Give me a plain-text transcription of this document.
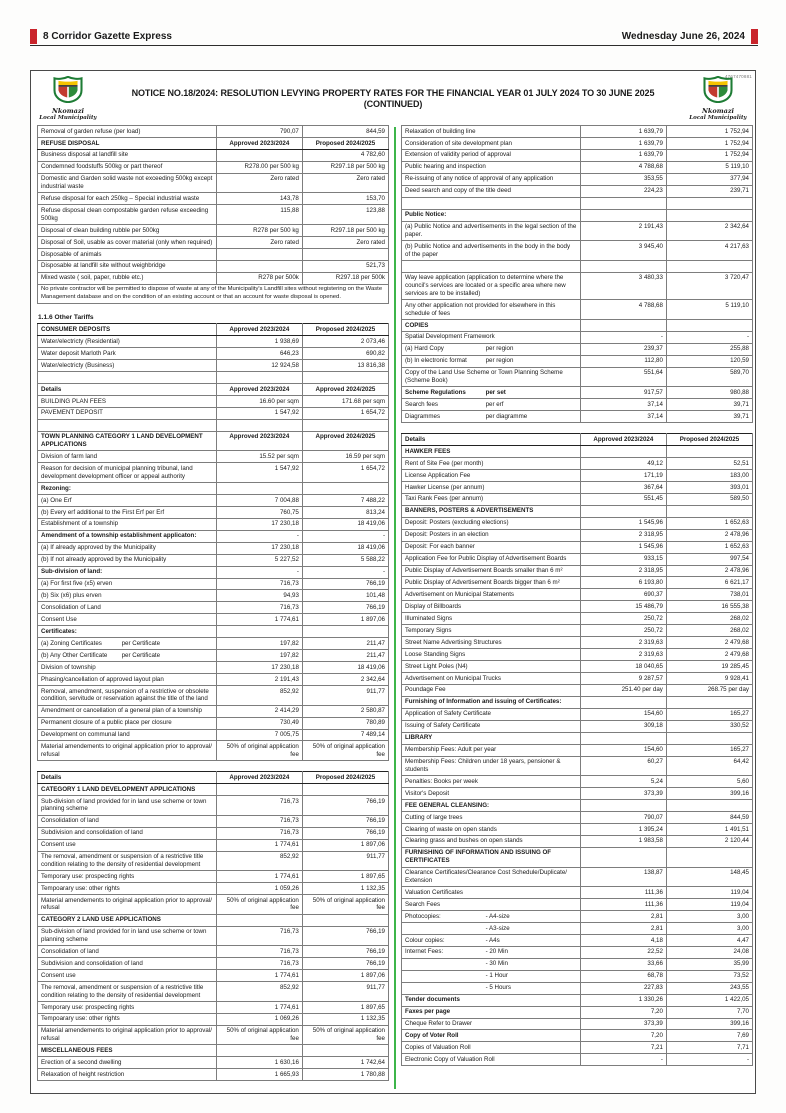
8 Corridor Gazette Express	Wednesday June 26, 2024
Nkomazi
Local Municipality
NOTICE NO.18/2024: RESOLUTION LEVYING PROPERTY RATES FOR THE FINANCIAL YEAR 01 JULY 2024 TO 30 JUNE 2025 (CONTINUED)
4767470881
Nkomazi
Local Municipality
Removal of garden refuse (per load)	790,07	844,59
REFUSE DISPOSAL	Approved 2023/2024	Proposed 2024/2025
Business disposal at landfill site		4 782,60
Condemned foodstuffs 500kg or part thereof	R278.00 per 500 kg	R297.18 per 500 kg
Domestic and Garden solid waste not exceeding 500kg except industrial waste	Zero rated	Zero rated
Refuse disposal for each 250kg – Special industrial waste	143,78	153,70
Refuse disposal clean compostable garden refuse exceeding 500kg	115,88	123,88
Disposal of clean building rubble per 500kg	R278 per 500 kg	R297.18 per 500 kg
Disposal of Soil, usable as cover material (only when required)	Zero rated	Zero rated
Disposable of animals		
Disposable at landfill site without weighbridge		521,73
Mixed waste ( soil, paper, rubble etc.)	R278 per 500k	R297.18 per 500k
No private contractor will be permitted to dispose of waste at any of the Municipality's Landfill sites without registering on the Waste Management database and on the condition of an existing account or that an account for waste disposal is opened.		
1.1.6 Other Tariffs
CONSUMER DEPOSITS	Approved 2023/2024	Proposed 2024/2025
Water/electricty (Residential)	1 938,69	2 073,46
Water deposit Marloth Park	646,23	690,82
Water/electricty (Business)	12 924,58	13 816,38

Details	Approved 2023/2024	Approved 2024/2025
BUILDING PLAN FEES	16.60 per sqm	171.68 per sqm
PAVEMENT DEPOSIT	1 547,92	1 654,72

TOWN PLANNING CATEGORY 1 LAND DEVELOPMENT APPLICATIONS	Approved 2023/2024	Approved 2024/2025
Division of farm land	15.52 per sqm	16.59 per sqm
Reason for decision of municipal planning tribunal, land development development officer or appeal authority	1 547,92	1 654,72
Rezoning:		
(a) One Erf	7 004,88	7 488,22
(b) Every erf additional to the First Erf per Erf	760,75	813,24
Establishment of a township	17 230,18	18 419,06
Amendment of a township establishment applicaton:	-	-
(a) If already approved by the Municipality	17 230,18	18 419,06
(b) If not already approved by the Municipality	5 227,52	5 588,22
Sub-division of land:	-	-
(a) For first five (x5) erven	716,73	766,19
(b) Six (x6) plus erven	94,93	101,48
Consolidation of Land	716,73	766,19
Consent Use	1 774,61	1 897,06
Certificates:		
(a) Zoning Certificates per Certificate	197,82	211,47
(b) Any Other Certificate per Certificate	197,82	211,47
Division of township	17 230,18	18 419,06
Phasing/cancellation of approved layout plan	2 191,43	2 342,64
Removal, amendment, suspension of a restrictive or obsolete condition, servitude or reservation against the title of the land	852,92	911,77
Amendment or cancellation of a general plan of a township	2 414,29	2 580,87
Permanent closure of a public place per closure	730,49	780,89
Development on communal land	7 005,75	7 489,14
Material amendements to original application prior to approval/ refusal	50% of original application fee	50% of original application fee
Details	Approved 2023/2024	Proposed 2024/2025
CATEGORY 1 LAND DEVELOPMENT APPLICATIONS		
Sub-division of land provided for in land use scheme or town planning scheme	716,73	766,19
Consolidation of land	716,73	766,19
Subdivision and consolidation of land	716,73	766,19
Consent use	1 774,61	1 897,06
The removal, amendment or suspension of a restrictive title condition relating to the density of residential development	852,92	911,77
Temporary use: prospecting rights	1 774,61	1 897,65
Tempoarary use: other rights	1 059,26	1 132,35
Material amendements to original application prior to approval/ refusal	50% of original application fee	50% of original application fee
CATEGORY 2 LAND USE APPLICATIONS		
Sub-division of land provided for in land use scheme or town planning scheme	716,73	766,19
Consolidation of land	716,73	766,19
Subdivision and consolidation of land	716,73	766,19
Consent use	1 774,61	1 897,06
The removal, amendment or suspension of a restrictive title condition relating to the density of residential development	852,92	911,77
Temporary use: prospecting rights	1 774,61	1 897,65
Tempoarary use: other rights	1 069,26	1 132,35
Material amendements to original application prior to approval/ refusal	50% of original application fee	50% of original application fee
MISCELLANEOUS FEES		
Erection of a second dwelling	1 630,16	1 742,64
Relaxation of height restriction	1 665,93	1 780,88
Relaxation of building line	1 639,79	1 752,94
Consideration of site development plan	1 639,79	1 752,94
Extension of validity period of approval	1 639,79	1 752,94
Public hearing and inspection	4 788,68	5 119,10
Re-issuing of any notice of approval of any application	353,55	377,94
Deed search and copy of the title deed	224,23	239,71

Public Notice:		
(a) Public Notice and advertisements in the legal section of the paper.	2 191,43	2 342,64
(b) Public Notice and advertisements in the body in the body of the paper	3 945,40	4 217,63

Way leave application (application to determine where the council's services are located or a specific area where new services are to be installed)	3 480,33	3 720,47
Any other application not provided for elsewhere in this schedule of fees	4 788,68	5 119,10
COPIES		
Spatial Development Framework	-	-
(a) Hard Copy per region	239,37	255,88
(b) In electronic format per region	112,80	120,59
Copy of the Land Use Scheme or Town Planning Scheme (Scheme Book)	551,64	589,70
Scheme Regulations per set	917,57	980,88
Search fees per erf	37,14	39,71
Diagrammes per diagramme	37,14	39,71
Details	Approved 2023/2024	Proposed 2024/2025
HAWKER FEES		
Rent of Site Fee (per month)	49,12	52,51
License Application Fee	171,19	183,00
Hawker License (per annum)	367,64	393,01
Taxi Rank Fees (per annum)	551,45	589,50
BANNERS, POSTERS & ADVERTISEMENTS		
Deposit: Posters (excluding elections)	1 545,96	1 652,63
Deposit: Posters in an election	2 318,95	2 478,96
Deposit: For each banner	1 545,96	1 652,63
Application Fee for Public Display of Advertisement Boards	933,15	997,54
Public Display of Advertisement Boards smaller than 6 m²	2 318,95	2 478,96
Public Display of Advertisement Boards bigger than 6 m²	6 193,80	6 621,17
Advertisement on Municipal Statements	690,37	738,01
Display of Billboards	15 486,79	16 555,38
Illuminated Signs	250,72	268,02
Temporary Signs	250,72	268,02
Street Name Advertising Structures	2 319,63	2 479,68
Loose Standing Signs	2 319,63	2 479,68
Street Light Poles (N4)	18 040,65	19 285,45
Advertisement on Municipal Trucks	9 287,57	9 928,41
Poundage Fee	251.40 per day	268.75 per day
Furnishing of Information and issuing of Certificates:		
Application of Safety Certificate	154,60	165,27
Issuing of Safety Certificate	309,18	330,52
LIBRARY		
Membership Fees: Adult per year	154,60	165,27
Membership Fees: Children under 18 years, pensioner & students	60,27	64,42
Penalties: Books per week	5,24	5,60
Visitor's Deposit	373,39	399,16
FEE GENERAL CLEANSING:		
Cutting of large trees	790,07	844,59
Clearing of waste on open stands	1 395,24	1 491,51
Clearing grass and bushes on open stands	1 983,58	2 120,44
FURNISHING OF INFORMATION AND ISSUING OF CERTIFICATES		
Clearance Certificates/Clearance Cost Schedule/Duplicate/ Extension	138,87	148,45
Valuation Certificates	111,36	119,04
Search Fees	111,36	119,04
Photocopies: - A4-size	2,81	3,00

- A3-size	2,81	3,00
Colour copies: - A4s	4,18	4,47
Internet Fees: - 20 Min	22,52	24,08

- 30 Min	33,66	35,99

- 1 Hour	68,78	73,52

- 5 Hours	227,83	243,55
Tender documents	1 330,26	1 422,05
Faxes per page	7,20	7,70
Cheque Refer to Drawer	373,39	399,16
Copy of Voter Roll	7,20	7,69
Copies of Valuation Roll	7,21	7,71
Electronic Copy of Valuation Roll	-	-
